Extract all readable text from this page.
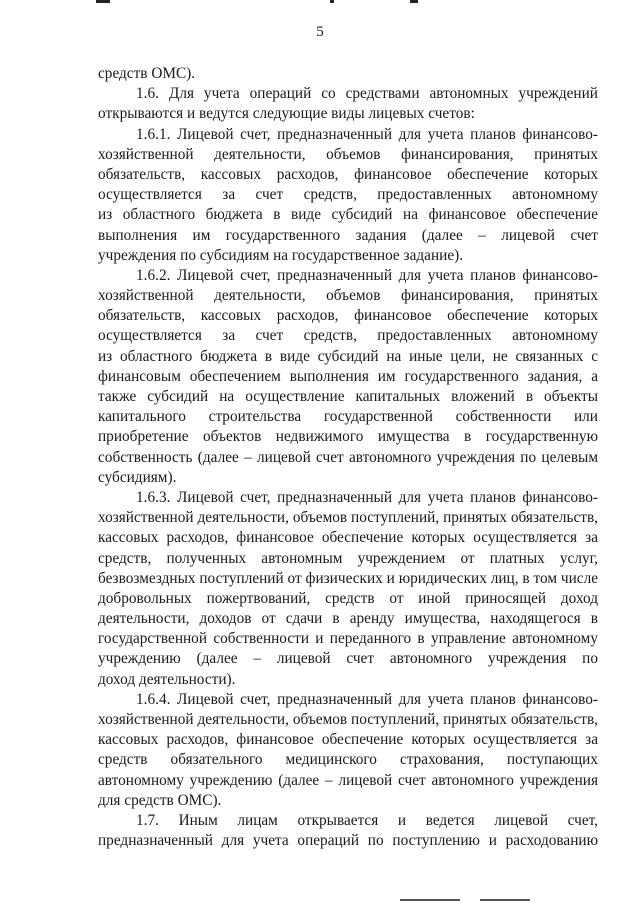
5
средств ОМС).
1.6. Для учета операций со средствами автономных учреждений
открываются и ведутся следующие виды лицевых счетов:
1.6.1. Лицевой счет, предназначенный для учета планов финансово-
хозяйственной деятельности, объемов финансирования, принятых
обязательств, кассовых расходов, финансовое обеспечение которых
осуществляется за счет средств, предоставленных автономному
из областного бюджета в виде субсидий на финансовое обеспечение
выполнения им государственного задания (далее – лицевой счет
учреждения по субсидиям на государственное задание).
1.6.2. Лицевой счет, предназначенный для учета планов финансово-
хозяйственной деятельности, объемов финансирования, принятых
обязательств, кассовых расходов, финансовое обеспечение которых
осуществляется за счет средств, предоставленных автономному
из областного бюджета в виде субсидий на иные цели, не связанных с
финансовым обеспечением выполнения им государственного задания, а
также субсидий на осуществление капитальных вложений в объекты
капитального строительства государственной собственности или
приобретение объектов недвижимого имущества в государственную
собственность (далее – лицевой счет автономного учреждения по целевым
субсидиям).
1.6.3. Лицевой счет, предназначенный для учета планов финансово-
хозяйственной деятельности, объемов поступлений, принятых обязательств,
кассовых расходов, финансовое обеспечение которых осуществляется за
средств, полученных автономным учреждением от платных услуг,
безвозмездных поступлений от физических и юридических лиц, в том числе
добровольных пожертвований, средств от иной приносящей доход
деятельности, доходов от сдачи в аренду имущества, находящегося в
государственной собственности и переданного в управление автономному
учреждению (далее – лицевой счет автономного учреждения по
доход деятельности).
1.6.4. Лицевой счет, предназначенный для учета планов финансово-
хозяйственной деятельности, объемов поступлений, принятых обязательств,
кассовых расходов, финансовое обеспечение которых осуществляется за
средств обязательного медицинского страхования, поступающих
автономному учреждению (далее – лицевой счет автономного учреждения
для средств ОМС).
1.7. Иным лицам открывается и ведется лицевой счет,
предназначенный для учета операций по поступлению и расходованию
